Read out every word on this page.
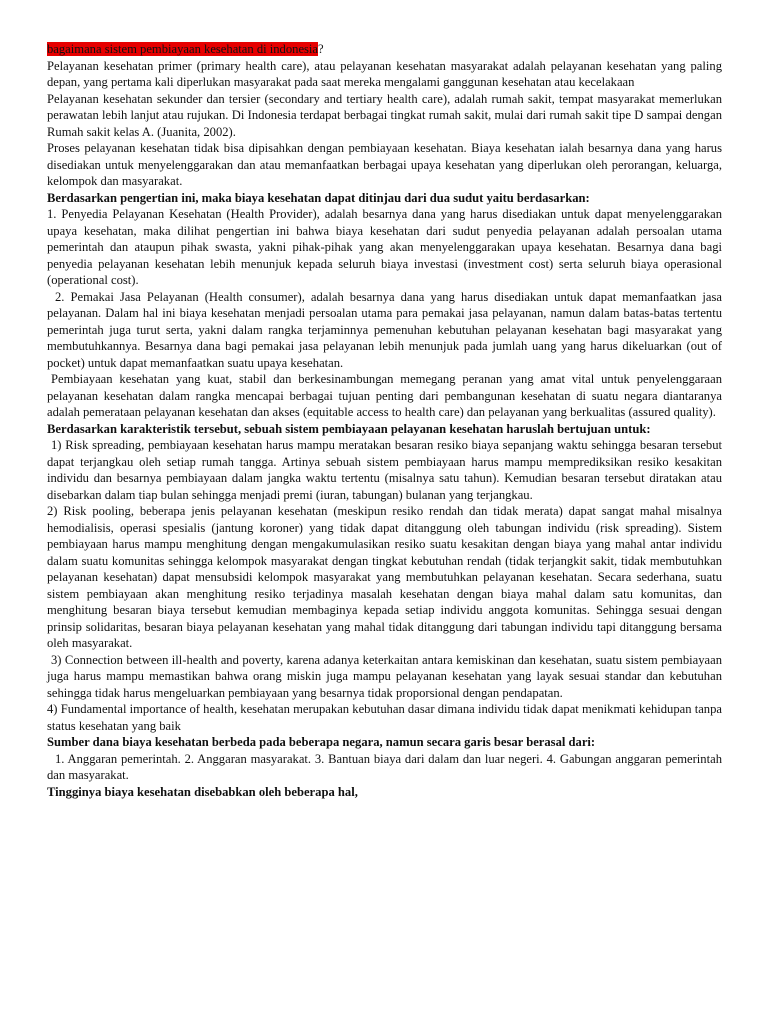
bagaimana sistem pembiayaan kesehatan di indonesia?

Pelayanan kesehatan primer (primary health care), atau pelayanan kesehatan masyarakat adalah pelayanan kesehatan yang paling depan, yang pertama kali diperlukan masyarakat pada saat mereka mengalami ganggunan kesehatan atau kecelakaan

Pelayanan kesehatan sekunder dan tersier (secondary and tertiary health care), adalah rumah sakit, tempat masyarakat memerlukan perawatan lebih lanjut atau rujukan. Di Indonesia terdapat berbagai tingkat rumah sakit, mulai dari rumah sakit tipe D sampai dengan Rumah sakit kelas A. (Juanita, 2002).

Proses pelayanan kesehatan tidak bisa dipisahkan dengan pembiayaan kesehatan. Biaya kesehatan ialah besarnya dana yang harus disediakan untuk menyelenggarakan dan atau memanfaatkan berbagai upaya kesehatan yang diperlukan oleh perorangan, keluarga, kelompok dan masyarakat.

Berdasarkan pengertian ini, maka biaya kesehatan dapat ditinjau dari dua sudut yaitu berdasarkan:

1. Penyedia Pelayanan Kesehatan (Health Provider), adalah besarnya dana yang harus disediakan untuk dapat menyelenggarakan upaya kesehatan, maka dilihat pengertian ini bahwa biaya kesehatan dari sudut penyedia pelayanan adalah persoalan utama pemerintah dan ataupun pihak swasta, yakni pihak-pihak yang akan menyelenggarakan upaya kesehatan. Besarnya dana bagi penyedia pelayanan kesehatan lebih menunjuk kepada seluruh biaya investasi (investment cost) serta seluruh biaya operasional (operational cost).

2. Pemakai Jasa Pelayanan (Health consumer), adalah besarnya dana yang harus disediakan untuk dapat memanfaatkan jasa pelayanan. Dalam hal ini biaya kesehatan menjadi persoalan utama para pemakai jasa pelayanan, namun dalam batas-batas tertentu pemerintah juga turut serta, yakni dalam rangka terjaminnya pemenuhan kebutuhan pelayanan kesehatan bagi masyarakat yang membutuhkannya. Besarnya dana bagi pemakai jasa pelayanan lebih menunjuk pada jumlah uang yang harus dikeluarkan (out of pocket) untuk dapat memanfaatkan suatu upaya kesehatan.

Pembiayaan kesehatan yang kuat, stabil dan berkesinambungan memegang peranan yang amat vital untuk penyelenggaraan pelayanan kesehatan dalam rangka mencapai berbagai tujuan penting dari pembangunan kesehatan di suatu negara diantaranya adalah pemerataan pelayanan kesehatan dan akses (equitable access to health care) dan pelayanan yang berkualitas (assured quality).

Berdasarkan karakteristik tersebut, sebuah sistem pembiayaan pelayanan kesehatan haruslah bertujuan untuk:

1) Risk spreading, pembiayaan kesehatan harus mampu meratakan besaran resiko biaya sepanjang waktu sehingga besaran tersebut dapat terjangkau oleh setiap rumah tangga. Artinya sebuah sistem pembiayaan harus mampu memprediksikan resiko kesakitan individu dan besarnya pembiayaan dalam jangka waktu tertentu (misalnya satu tahun). Kemudian besaran tersebut diratakan atau disebarkan dalam tiap bulan sehingga menjadi premi (iuran, tabungan) bulanan yang terjangkau.

2) Risk pooling, beberapa jenis pelayanan kesehatan (meskipun resiko rendah dan tidak merata) dapat sangat mahal misalnya hemodialisis, operasi spesialis (jantung koroner) yang tidak dapat ditanggung oleh tabungan individu (risk spreading). Sistem pembiayaan harus mampu menghitung dengan mengakumulasikan resiko suatu kesakitan dengan biaya yang mahal antar individu dalam suatu komunitas sehingga kelompok masyarakat dengan tingkat kebutuhan rendah (tidak terjangkit sakit, tidak membutuhkan pelayanan kesehatan) dapat mensubsidi kelompok masyarakat yang membutuhkan pelayanan kesehatan. Secara sederhana, suatu sistem pembiayaan akan menghitung resiko terjadinya masalah kesehatan dengan biaya mahal dalam satu komunitas, dan menghitung besaran biaya tersebut kemudian membaginya kepada setiap individu anggota komunitas. Sehingga sesuai dengan prinsip solidaritas, besaran biaya pelayanan kesehatan yang mahal tidak ditanggung dari tabungan individu tapi ditanggung bersama oleh masyarakat.

3) Connection between ill-health and poverty, karena adanya keterkaitan antara kemiskinan dan kesehatan, suatu sistem pembiayaan juga harus mampu memastikan bahwa orang miskin juga mampu pelayanan kesehatan yang layak sesuai standar dan kebutuhan sehingga tidak harus mengeluarkan pembiayaan yang besarnya tidak proporsional dengan pendapatan.

4) Fundamental importance of health, kesehatan merupakan kebutuhan dasar dimana individu tidak dapat menikmati kehidupan tanpa status kesehatan yang baik

Sumber dana biaya kesehatan berbeda pada beberapa negara, namun secara garis besar berasal dari:

1. Anggaran pemerintah. 2. Anggaran masyarakat. 3. Bantuan biaya dari dalam dan luar negeri. 4. Gabungan anggaran pemerintah dan masyarakat.

Tingginya biaya kesehatan disebabkan oleh beberapa hal,
